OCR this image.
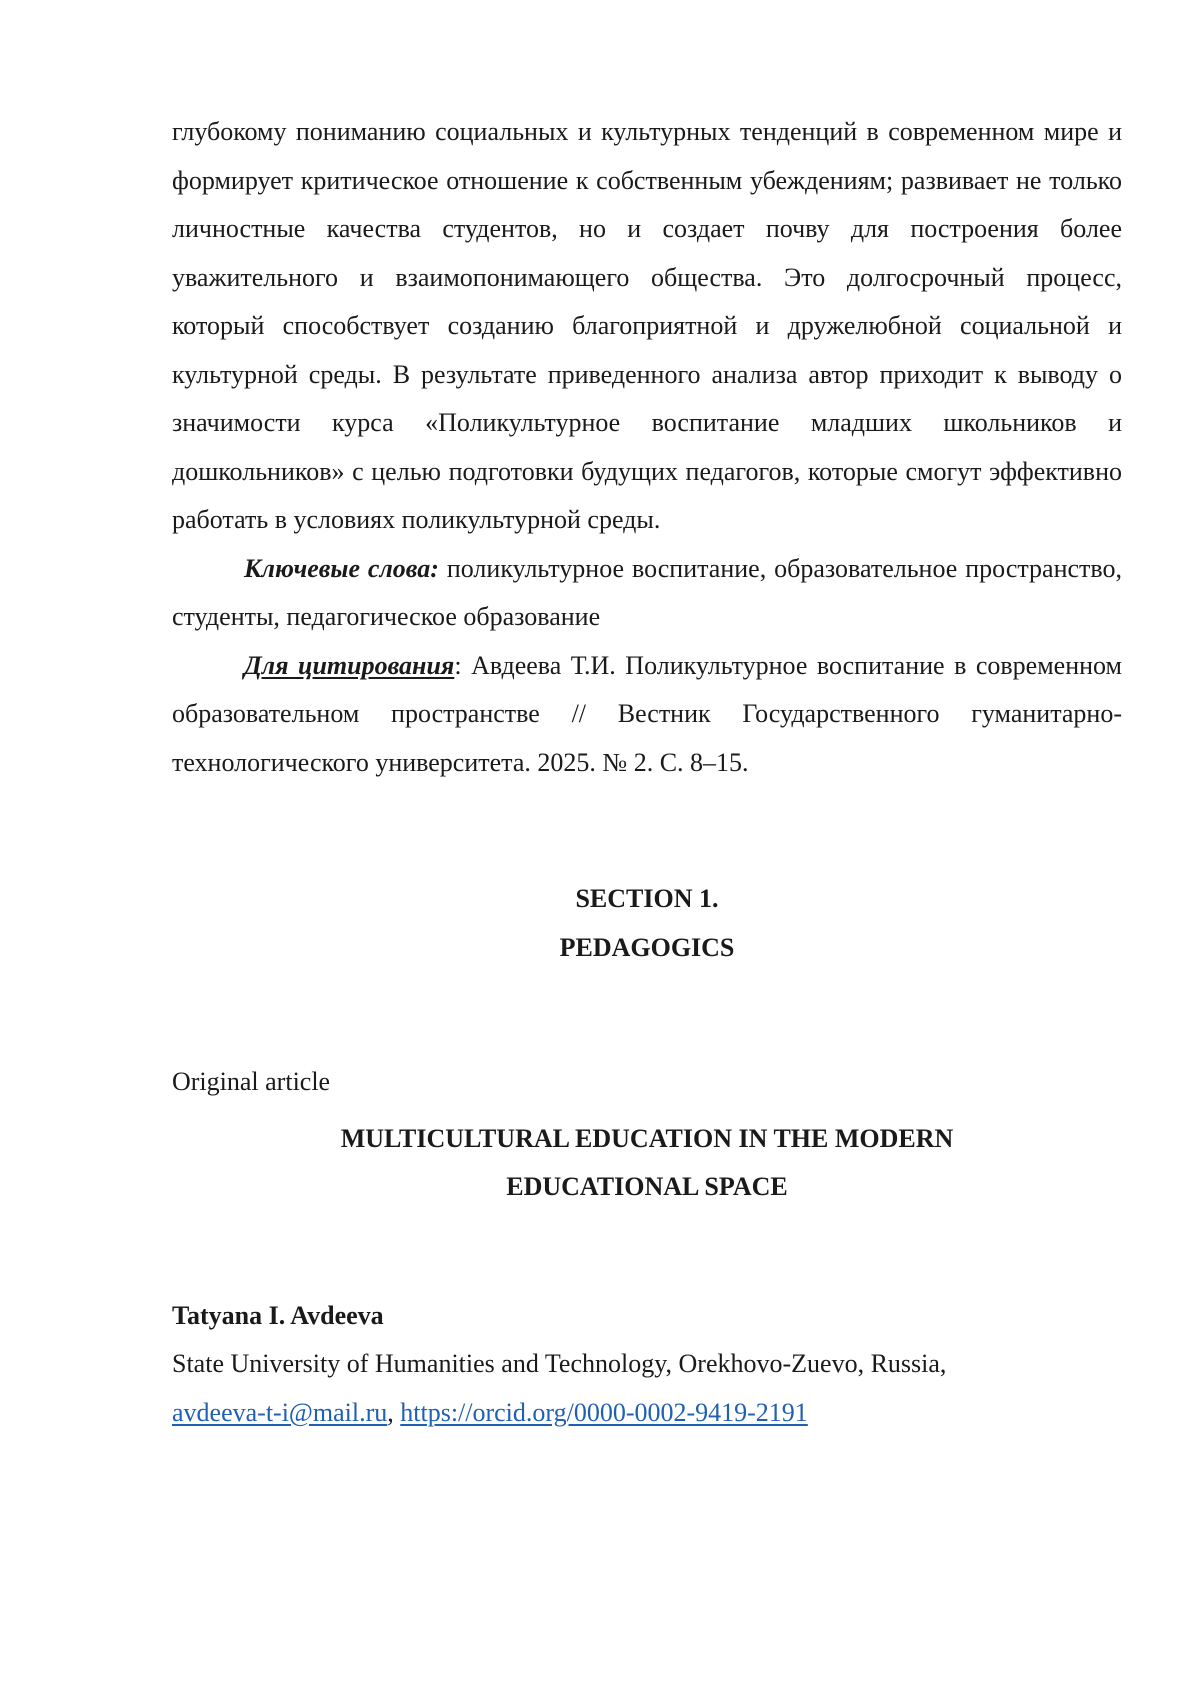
глубокому пониманию социальных и культурных тенденций в современном мире и формирует критическое отношение к собственным убеждениям; развивает не только личностные качества студентов, но и создает почву для построения более уважительного и взаимопонимающего общества. Это долгосрочный процесс, который способствует созданию благоприятной и дружелюбной социальной и культурной среды. В результате приведенного анализа автор приходит к выводу о значимости курса «Поликультурное воспитание младших школьников и дошкольников» с целью подготовки будущих педагогов, которые смогут эффективно работать в условиях поликультурной среды.

Ключевые слова: поликультурное воспитание, образовательное пространство, студенты, педагогическое образование

Для цитирования: Авдеева Т.И. Поликультурное воспитание в современном образовательном пространстве // Вестник Государственного гуманитарно-технологического университета. 2025. № 2. С. 8–15.

SECTION 1.

PEDAGOGICS

Original article

MULTICULTURAL EDUCATION IN THE MODERN

EDUCATIONAL SPACE

Tatyana I. Avdeeva

State University of Humanities and Technology, Orekhovo-Zuevo, Russia,

avdeeva-t-i@mail.ru, https://orcid.org/0000-0002-9419-2191
